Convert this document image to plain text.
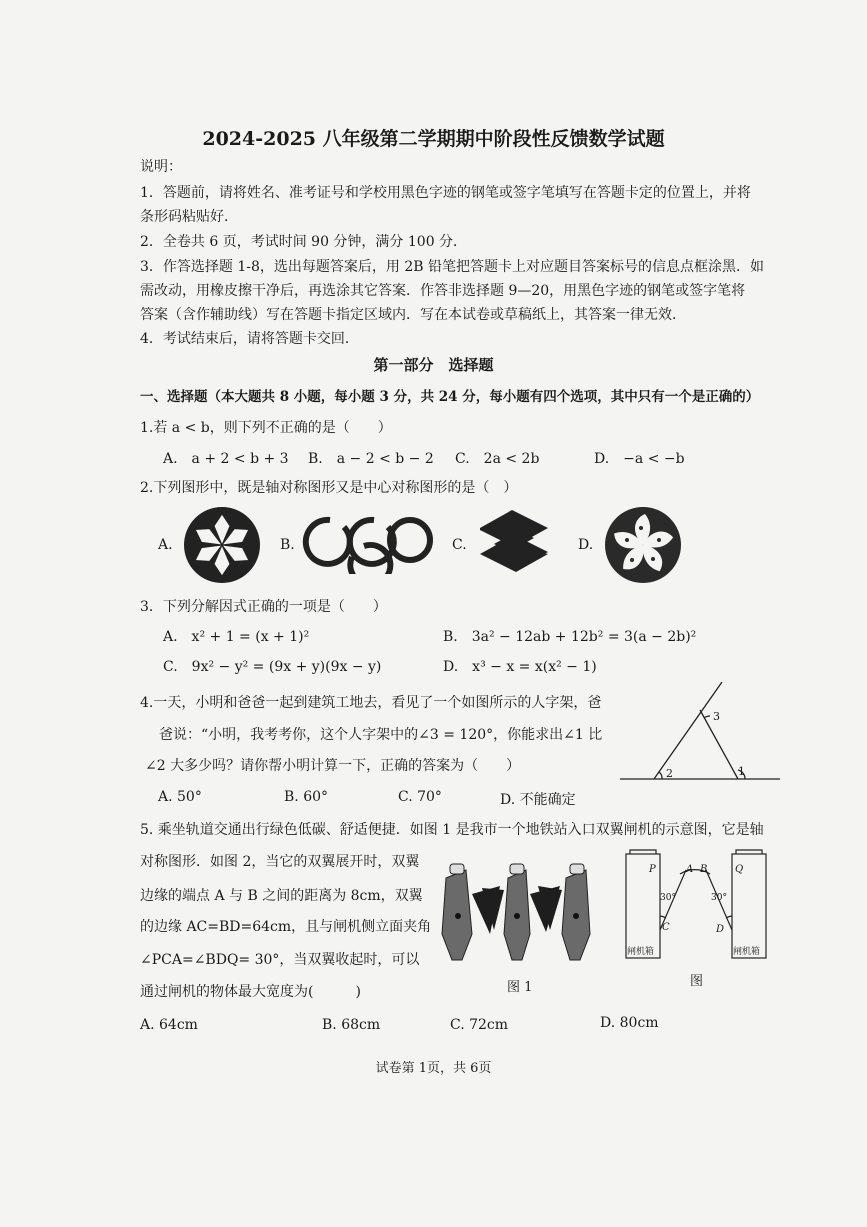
2024-2025 八年级第二学期期中阶段性反馈数学试题
说明：
1．答题前，请将姓名、准考证号和学校用黑色字迹的钢笔或签字笔填写在答题卡定的位置上，并将
条形码粘贴好．
2．全卷共 6 页，考试时间 90 分钟，满分 100 分．
3．作答选择题 1-8，选出每题答案后，用 2B 铅笔把答题卡上对应题目答案标号的信息点框涂黑．如
需改动，用橡皮擦干净后，再选涂其它答案．作答非选择题 9—20，用黑色字迹的钢笔或签字笔将
答案（含作辅助线）写在答题卡指定区域内．写在本试卷或草稿纸上，其答案一律无效．
4．考试结束后，请将答题卡交回．
第一部分　选择题
一、选择题（本大题共 8 小题，每小题 3 分，共 24 分，每小题有四个选项，其中只有一个是正确的）
1.若 a < b，则下列不正确的是（　　）
A.　a + 2 < b + 3 B.　a − 2 < b − 2 C.　2a < 2b	D.　−a < −b
2.下列图形中，既是轴对称图形又是中心对称图形的是（　）
A.	B.	C.	D.
3．下列分解因式正确的一项是（　　）
A.　x² + 1 = (x + 1)²	B.　3a² − 12ab + 12b² = 3(a − 2b)²
C.　9x² − y² = (9x + y)(9x − y)	D.　x³ − x = x(x² − 1)
4.一天，小明和爸爸一起到建筑工地去，看见了一个如图所示的人字架，爸
爸说：“小明，我考考你，这个人字架中的∠3 = 120°，你能求出∠1 比
∠2 大多少吗？请你帮小明计算一下，正确的答案为（　　）
A. 50°	B. 60°	C. 70°	D. 不能确定
3
2	1
5. 乘坐轨道交通出行绿色低碳、舒适便捷．如图 1 是我市一个地铁站入口双翼闸机的示意图，它是轴
对称图形．如图 2，当它的双翼展开时，双翼
边缘的端点 A 与 B 之间的距离为 8cm，双翼
的边缘 AC=BD=64cm，且与闸机侧立面夹角
∠PCA=∠BDQ= 30°，当双翼收起时，可以
通过闸机的物体最大宽度为(　　　)
A. 64cm	B. 68cm	C. 72cm	D. 80cm
图 1
P	A B	Q
C	D
30°	30°
闸机箱	闸机箱
图
试卷第 1页，共 6页
